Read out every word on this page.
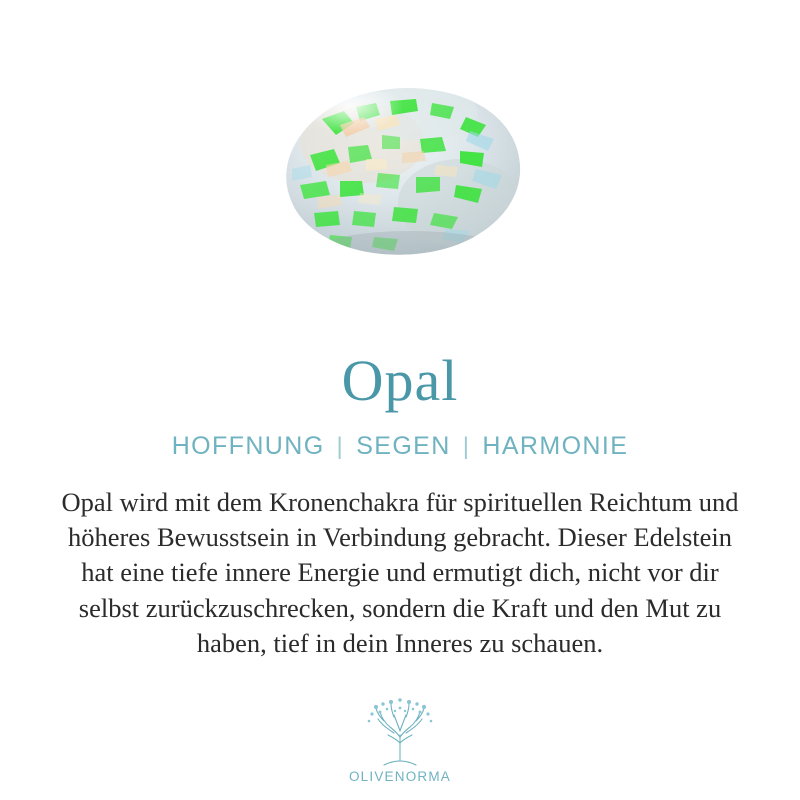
Opal
HOFFNUNG | SEGEN | HARMONIE

Opal wird mit dem Kronenchakra für spirituellen Reichtum und höheres Bewusstsein in Verbindung gebracht. Dieser Edelstein hat eine tiefe innere Energie und ermutigt dich, nicht vor dir selbst zurückzuschrecken, sondern die Kraft und den Mut zu haben, tief in dein Inneres zu schauen.

OLIVENORMA
